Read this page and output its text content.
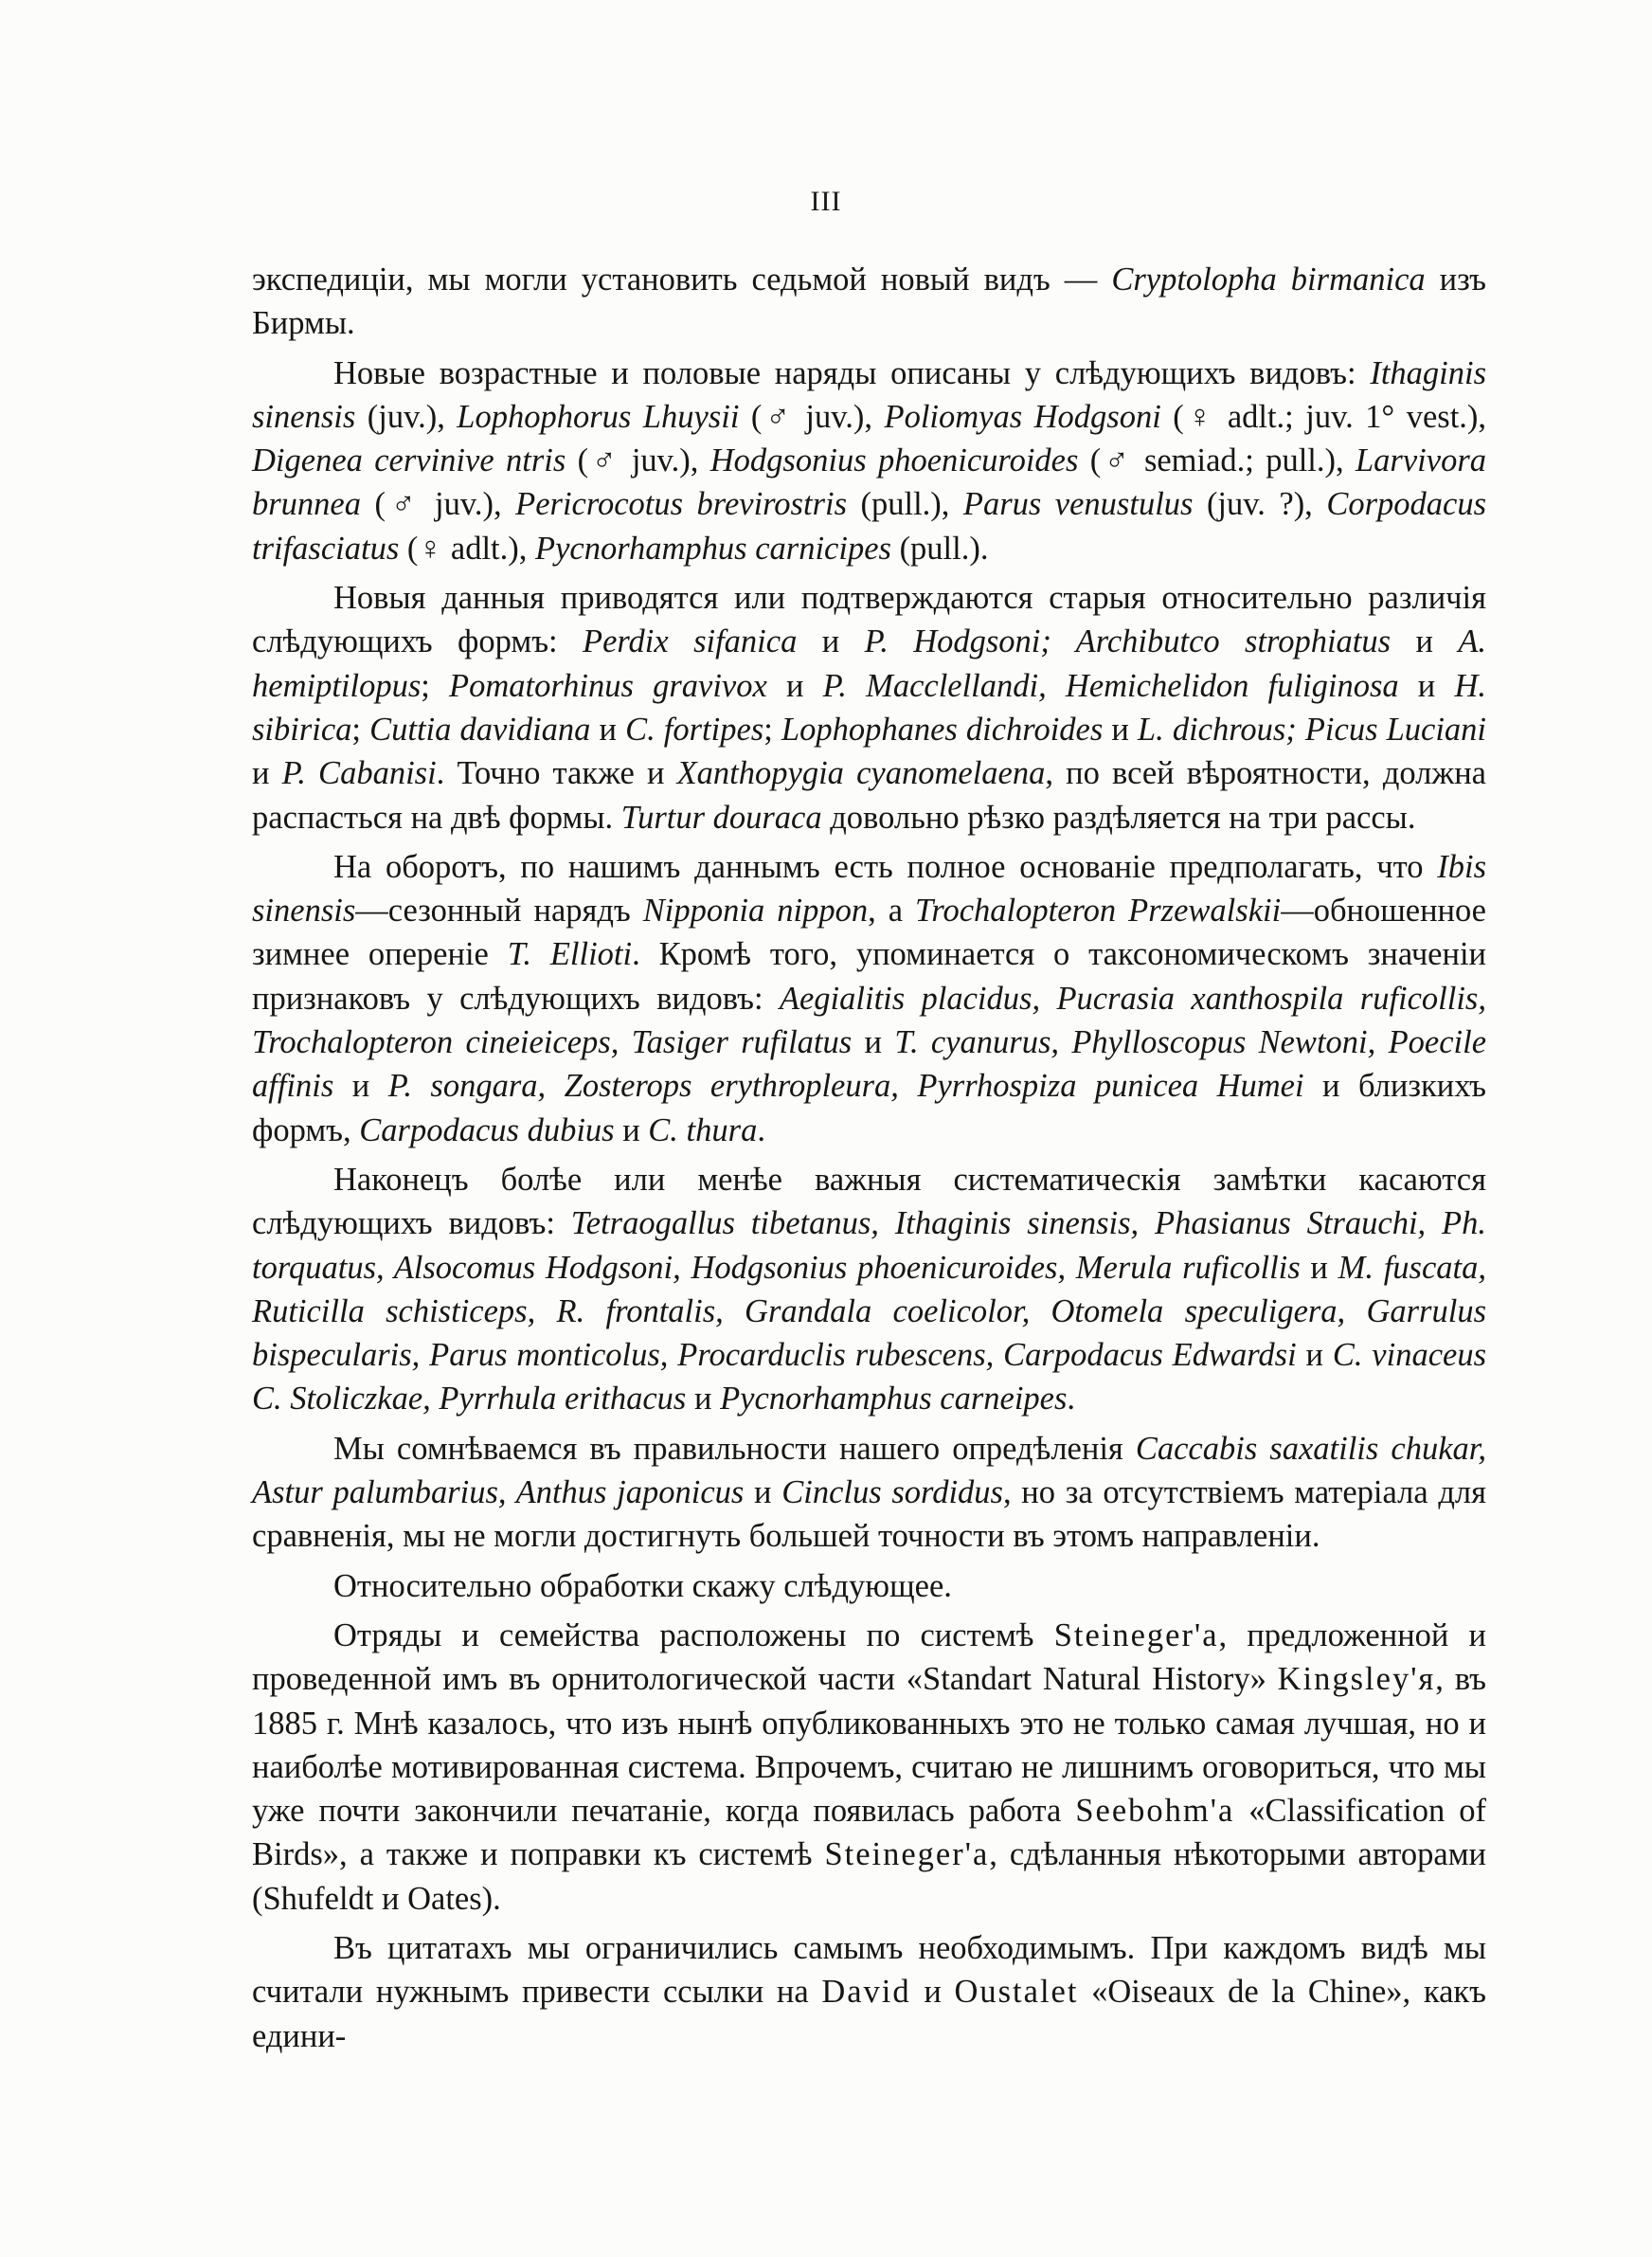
III

экспедицiи, мы могли установить седьмой новый видъ — Cryptolopha birmanica изъ Бирмы.

Новые возрастные и половые наряды описаны у слѣдующихъ видовъ: Ithaginis sinensis (juv.), Lophophorus Lhuysii (♂ juv.), Poliomyas Hodgsoni (♀ adlt.; juv. 1° vest.), Digenea cervinive ntris (♂ juv.), Hodgsonius phoenicuroides (♂ semiad.; pull.), Larvivora brunnea (♂ juv.), Pericrocotus brevirostris (pull.), Parus venustulus (juv. ?), Corpodacus trifasciatus (♀ adlt.), Pycnorhamphus carnicipes (pull.).

Новыя данныя приводятся или подтверждаются старыя относительно различiя слѣдующихъ формъ: Perdix sifanica и P. Hodgsoni; Archibutco strophiatus и A. hemiptilopus; Pomatorhinus gravivox и P. Macclellandi, Hemichelidon fuliginosa и H. sibirica; Cuttia davidiana и C. fortipes; Lophophanes dichroides и L. dichrous; Picus Luciani и P. Cabanisi. Точно также и Xanthopygia cyanomelaena, по всей вѣроятности, должна распасться на двѣ формы. Turtur douraca довольно рѣзко раздѣляется на три рассы.

На оборотъ, по нашимъ даннымъ есть полное основанiе предполагать, что Ibis sinensis—сезонный нарядъ Nipponia nippon, а Trochalopteron Przewalskii—обношенное зимнее оперенiе T. Ellioti. Кромѣ того, упоминается о таксономическомъ значенiи признаковъ у слѣдующихъ видовъ: Aegialitis placidus, Pucrasia xanthospila ruficollis, Trochalopteron cineieiceps, Tasiger rufilatus и T. cyanurus, Phylloscopus Newtoni, Poecile affinis и P. songara, Zosterops erythropleura, Pyrrhospiza punicea Humei и близкихъ формъ, Carpodacus dubius и C. thura.

Наконецъ болѣе или менѣе важныя систематическiя замѣтки касаются слѣдующихъ видовъ: Tetraogallus tibetanus, Ithaginis sinensis, Phasianus Strauchi, Ph. torquatus, Alsocomus Hodgsoni, Hodgsonius phoenicuroides, Merula ruficollis и M. fuscata, Ruticilla schisticeps, R. frontalis, Grandala coelicolor, Otomela speculigera, Garrulus bispecularis, Parus monticolus, Procarduclis rubescens, Carpodacus Edwardsi и C. vinaceus C. Stoliczkae, Pyrrhula erithacus и Pycnorhamphus carneipes.

Мы сомнѣваемся въ правильности нашего опредѣленiя Caccabis saxatilis chukar, Astur palumbarius, Anthus japonicus и Cinclus sordidus, но за отсутствiемъ матерiала для сравненiя, мы не могли достигнуть большей точности въ этомъ направленiи.

Относительно обработки скажу слѣдующее.

Отряды и семейства расположены по системѣ Steineger'a, предложенной и проведенной имъ въ орнитологической части «Standart Natural History» Kingsley'я, въ 1885 г. Мнѣ казалось, что изъ нынѣ опубликованныхъ это не только самая лучшая, но и наиболѣе мотивированная система. Впрочемъ, считаю не лишнимъ оговориться, что мы уже почти закончили печатанiе, когда появилась работа Seebohm'a «Classification of Birds», а также и поправки къ системѣ Steineger'a, сдѣланныя нѣкоторыми авторами (Shufeldt и Oates).

Въ цитатахъ мы ограничились самымъ необходимымъ. При каждомъ видѣ мы считали нужнымъ привести ссылки на David и Oustalet «Oiseaux de la Chine», какъ едини-
